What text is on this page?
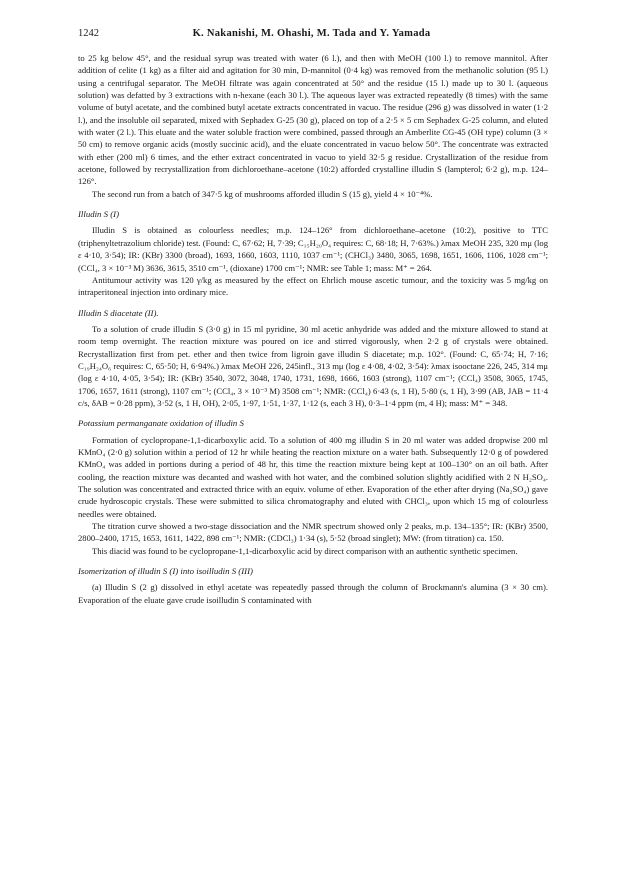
1242	K. Nakanishi, M. Ohashi, M. Tada and Y. Yamada

to 25 kg below 45°, and the residual syrup was treated with water (6 l.), and then with MeOH (100 l.) to remove mannitol. After addition of celite (1 kg) as a filter aid and agitation for 30 min, D-mannitol (0·4 kg) was removed from the methanolic solution (95 l.) using a centrifugal separator. The MeOH filtrate was again concentrated at 50° and the residue (15 l.) made up to 30 l. (aqueous solution) was defatted by 3 extractions with n-hexane (each 30 l.). The aqueous layer was extracted repeatedly (8 times) with the same volume of butyl acetate, and the combined butyl acetate extracts concentrated in vacuo. The residue (296 g) was dissolved in water (1·2 l.), and the insoluble oil separated, mixed with Sephadex G-25 (30 g), placed on top of a 2·5 × 5 cm Sephadex G-25 column, and eluted with water (2 l.). This eluate and the water soluble fraction were combined, passed through an Amberlite CG-45 (OH type) column (3 × 50 cm) to remove organic acids (mostly succinic acid), and the eluate concentrated in vacuo below 50°. The concentrate was extracted with ether (200 ml) 6 times, and the ether extract concentrated in vacuo to yield 32·5 g residue. Crystallization of the residue from acetone, followed by recrystallization from dichloroethane–acetone (10:2) afforded crystalline illudin S (lampterol; 6·2 g), m.p. 124–126°.

The second run from a batch of 347·5 kg of mushrooms afforded illudin S (15 g), yield 4 × 10⁻⁴%.

Illudin S (I)

Illudin S is obtained as colourless needles; m.p. 124–126° from dichloroethane–acetone (10:2), positive to TTC (triphenyltetrazolium chloride) test. (Found: C, 67·62; H, 7·39; C₁₅H₂₀O₄ requires: C, 68·18; H, 7·63%.) λmax MeOH 235, 320 mμ (log ε 4·10, 3·54); IR: (KBr) 3300 (broad), 1693, 1660, 1603, 1110, 1037 cm⁻¹; (CHCl₃) 3480, 3065, 1698, 1651, 1606, 1106, 1028 cm⁻¹; (CCl₄, 3 × 10⁻³ M) 3636, 3615, 3510 cm⁻¹, (dioxane) 1700 cm⁻¹; NMR: see Table 1; mass: M⁺ = 264.

Antitumour activity was 120 γ/kg as measured by the effect on Ehrlich mouse ascetic tumour, and the toxicity was 5 mg/kg on intraperitoneal injection into ordinary mice.

Illudin S diacetate (II).

To a solution of crude illudin S (3·0 g) in 15 ml pyridine, 30 ml acetic anhydride was added and the mixture allowed to stand at room temp overnight. The reaction mixture was poured on ice and stirred vigorously, when 2·2 g of crystals were obtained. Recrystallization first from pet. ether and then twice from ligroin gave illudin S diacetate; m.p. 102°. (Found: C, 65·74; H, 7·16; C₁₉H₂₄O₆ requires: C, 65·50; H, 6·94%.) λmax MeOH 226, 245infl., 313 mμ (log ε 4·08, 4·02, 3·54): λmax isooctane 226, 245, 314 mμ (log ε 4·10, 4·05, 3·54); IR: (KBr) 3540, 3072, 3048, 1740, 1731, 1698, 1666, 1603 (strong), 1107 cm⁻¹; (CCl₄) 3508, 3065, 1745, 1706, 1657, 1611 (strong), 1107 cm⁻¹; (CCl₄, 3 × 10⁻³ M) 3508 cm⁻¹; NMR: (CCl₄) 6·43 (s, 1 H), 5·80 (s, 1 H), 3·99 (AB, JAB = 11·4 c/s, δAB = 0·28 ppm), 3·52 (s, 1 H, OH), 2·05, 1·97, 1·51, 1·37, 1·12 (s, each 3 H), 0·3–1·4 ppm (m, 4 H); mass: M⁺ = 348.

Potassium permanganate oxidation of illudin S

Formation of cyclopropane-1,1-dicarboxylic acid. To a solution of 400 mg illudin S in 20 ml water was added dropwise 200 ml KMnO₄ (2·0 g) solution within a period of 12 hr while heating the reaction mixture on a water bath. Subsequently 12·0 g of powdered KMnO₄ was added in portions during a period of 48 hr, this time the reaction mixture being kept at 100–130° on an oil bath. After cooling, the reaction mixture was decanted and washed with hot water, and the combined solution slightly acidified with 2 N H₂SO₄. The solution was concentrated and extracted thrice with an equiv. volume of ether. Evaporation of the ether after drying (Na₂SO₄) gave crude hydroscopic crystals. These were submitted to silica chromatography and eluted with CHCl₃, upon which 15 mg of colourless needles were obtained.

The titration curve showed a two-stage dissociation and the NMR spectrum showed only 2 peaks, m.p. 134–135°; IR: (KBr) 3500, 2800–2400, 1715, 1653, 1611, 1422, 898 cm⁻¹; NMR: (CDCl₃) 1·34 (s), 5·52 (broad singlet); MW: (from titration) ca. 150.

This diacid was found to be cyclopropane-1,1-dicarboxylic acid by direct comparison with an authentic synthetic specimen.

Isomerization of illudin S (I) into isoilludin S (III)

(a) Illudin S (2 g) dissolved in ethyl acetate was repeatedly passed through the column of Brockmann's alumina (3 × 30 cm). Evaporation of the eluate gave crude isoilludin S contaminated with
